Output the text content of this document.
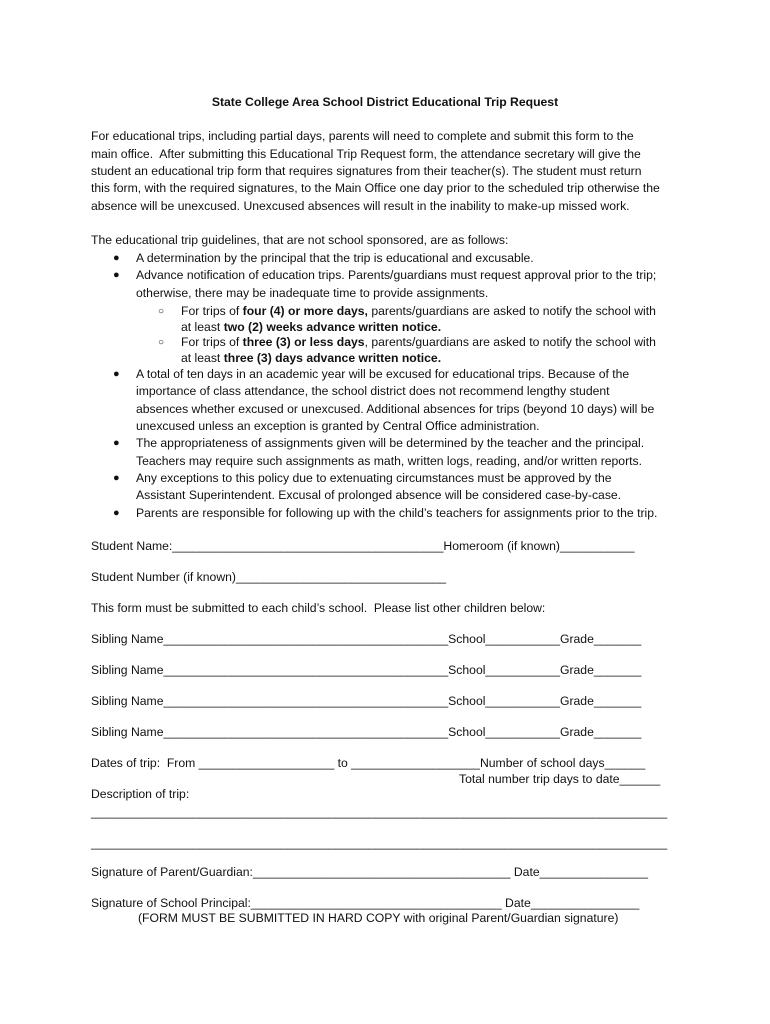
State College Area School District Educational Trip Request
For educational trips, including partial days, parents will need to complete and submit this form to the
main office.  After submitting this Educational Trip Request form, the attendance secretary will give the
student an educational trip form that requires signatures from their teacher(s). The student must return
this form, with the required signatures, to the Main Office one day prior to the scheduled trip otherwise the
absence will be unexcused. Unexcused absences will result in the inability to make-up missed work.
The educational trip guidelines, that are not school sponsored, are as follows:
● A determination by the principal that the trip is educational and excusable.
● Advance notification of education trips. Parents/guardians must request approval prior to the trip;
otherwise, there may be inadequate time to provide assignments.
○ For trips of four (4) or more days, parents/guardians are asked to notify the school with
at least two (2) weeks advance written notice.
○ For trips of three (3) or less days, parents/guardians are asked to notify the school with
at least three (3) days advance written notice.
● A total of ten days in an academic year will be excused for educational trips. Because of the
importance of class attendance, the school district does not recommend lengthy student
absences whether excused or unexcused. Additional absences for trips (beyond 10 days) will be
unexcused unless an exception is granted by Central Office administration.
● The appropriateness of assignments given will be determined by the teacher and the principal.
Teachers may require such assignments as math, written logs, reading, and/or written reports.
● Any exceptions to this policy due to extenuating circumstances must be approved by the
Assistant Superintendent. Excusal of prolonged absence will be considered case-by-case.
● Parents are responsible for following up with the child’s teachers for assignments prior to the trip.
Student Name:________________________________________Homeroom (if known)___________
Student Number (if known)_______________________________
This form must be submitted to each child’s school.  Please list other children below:
Sibling Name__________________________________________School___________Grade_______
Sibling Name__________________________________________School___________Grade_______
Sibling Name__________________________________________School___________Grade_______
Sibling Name__________________________________________School___________Grade_______
Dates of trip:  From ____________________ to ___________________Number of school days______
Total number trip days to date______
Description of trip:
_____________________________________________________________________________________
_____________________________________________________________________________________
Signature of Parent/Guardian:______________________________________ Date________________
Signature of School Principal:_____________________________________ Date________________
(FORM MUST BE SUBMITTED IN HARD COPY with original Parent/Guardian signature)
